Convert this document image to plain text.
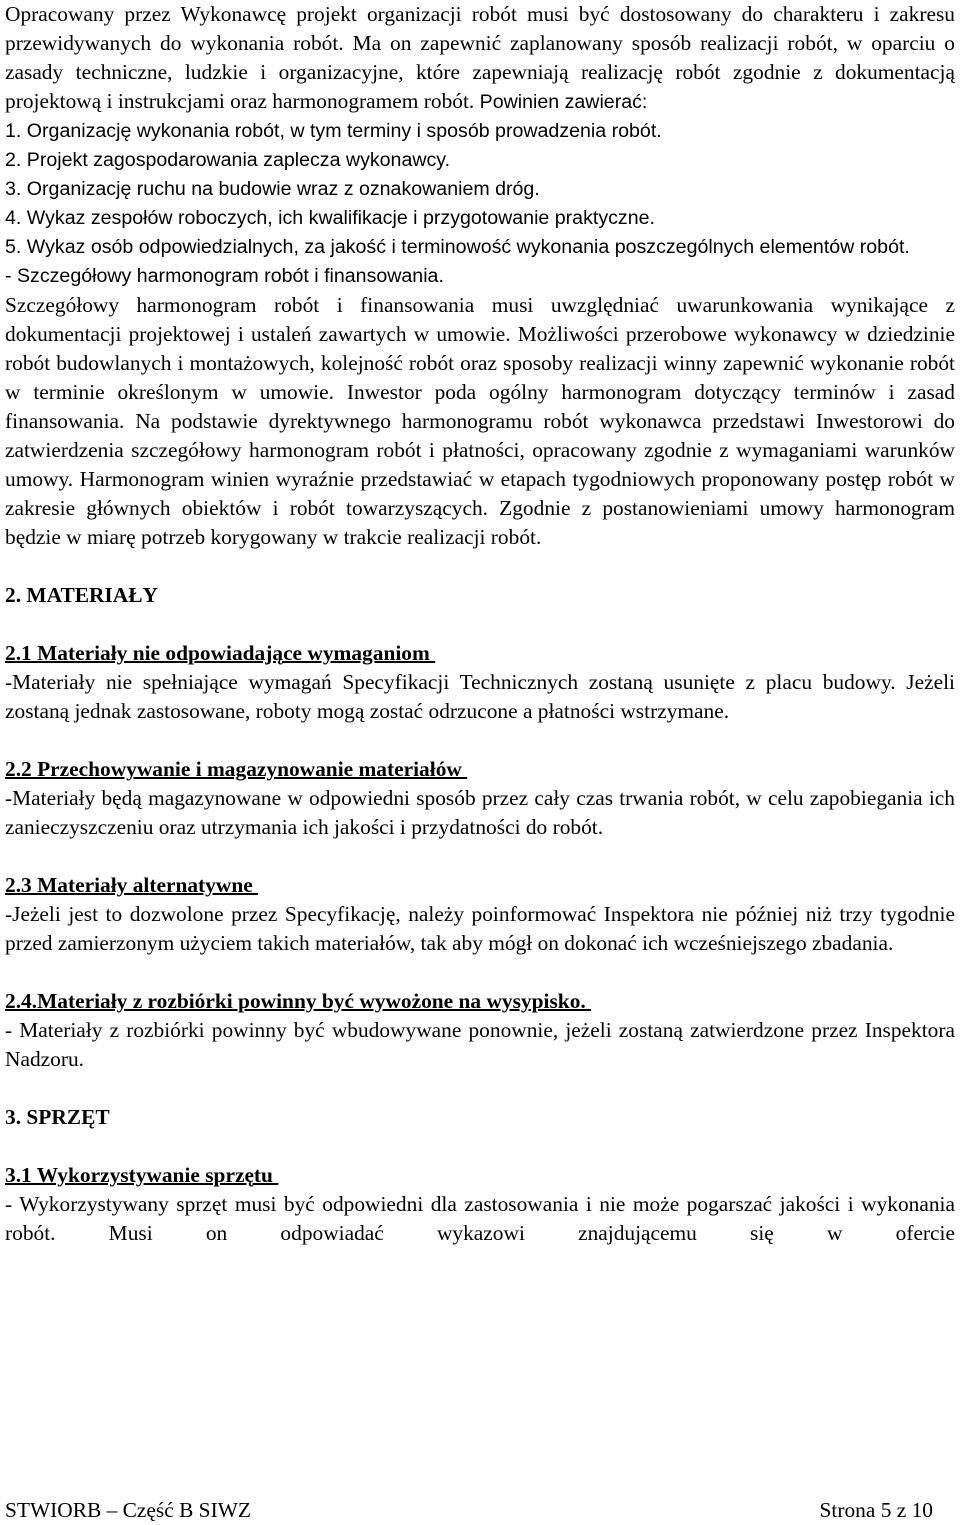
Opracowany przez Wykonawcę projekt organizacji robót musi być dostosowany do charakteru i zakresu przewidywanych do wykonania robót. Ma on zapewnić zaplanowany sposób realizacji robót, w oparciu o zasady techniczne, ludzkie i organizacyjne, które zapewniają realizację robót zgodnie z dokumentacją projektową i instrukcjami oraz harmonogramem robót. Powinien zawierać:

1. Organizację wykonania robót, w tym terminy i sposób prowadzenia robót.

2. Projekt zagospodarowania zaplecza wykonawcy.

3. Organizację ruchu na budowie wraz z oznakowaniem dróg.

4. Wykaz zespołów roboczych, ich kwalifikacje i przygotowanie praktyczne.

5. Wykaz osób odpowiedzialnych, za jakość i terminowość wykonania poszczególnych elementów robót.

- Szczegółowy harmonogram robót i finansowania.

Szczegółowy harmonogram robót i finansowania musi uwzględniać uwarunkowania wynikające z dokumentacji projektowej i ustaleń zawartych w umowie. Możliwości przerobowe wykonawcy w dziedzinie robót budowlanych i montażowych, kolejność robót oraz sposoby realizacji winny zapewnić wykonanie robót w terminie określonym w umowie. Inwestor poda ogólny harmonogram dotyczący terminów i zasad finansowania. Na podstawie dyrektywnego harmonogramu robót wykonawca przedstawi Inwestorowi do zatwierdzenia szczegółowy harmonogram robót i płatności, opracowany zgodnie z wymaganiami warunków umowy. Harmonogram winien wyraźnie przedstawiać w etapach tygodniowych proponowany postęp robót w zakresie głównych obiektów i robót towarzyszących. Zgodnie z postanowieniami umowy harmonogram będzie w miarę potrzeb korygowany w trakcie realizacji robót.

2. MATERIAŁY

2.1 Materiały nie odpowiadające wymaganiom

-Materiały nie spełniające wymagań Specyfikacji Technicznych zostaną usunięte z placu budowy. Jeżeli zostaną jednak zastosowane, roboty mogą zostać odrzucone a płatności wstrzymane.

2.2 Przechowywanie i magazynowanie materiałów

-Materiały będą magazynowane w odpowiedni sposób przez cały czas trwania robót, w celu zapobiegania ich zanieczyszczeniu oraz utrzymania ich jakości i przydatności do robót.

2.3 Materiały alternatywne

-Jeżeli jest to dozwolone przez Specyfikację, należy poinformować Inspektora nie później niż trzy tygodnie przed zamierzonym użyciem takich materiałów, tak aby mógł on dokonać ich wcześniejszego zbadania.

2.4.Materiały z rozbiórki powinny być wywożone na wysypisko.

- Materiały z rozbiórki powinny być wbudowywane ponownie, jeżeli zostaną zatwierdzone przez Inspektora Nadzoru.

3. SPRZĘT

3.1 Wykorzystywanie sprzętu

- Wykorzystywany sprzęt musi być odpowiedni dla zastosowania i nie może pogarszać jakości i wykonania robót. Musi on odpowiadać wykazowi znajdującemu się w ofercie

STWIORB – Część B SIWZ	Strona 5 z 10
